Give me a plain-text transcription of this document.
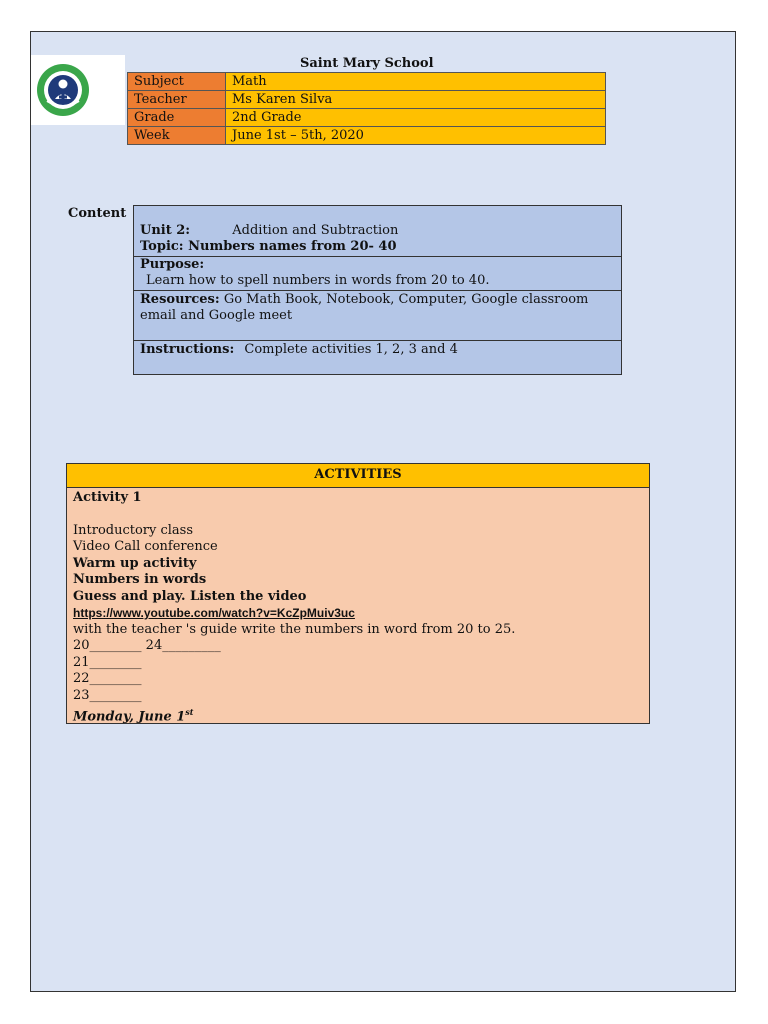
Saint Mary School
Subject	Math
Teacher	Ms Karen Silva
Grade	2nd Grade
Week	June 1st – 5th, 2020
Content
Unit 2:	Addition and Subtraction
Topic: Numbers names from 20- 40
Purpose:
Learn how to spell numbers in words from 20 to 40.
Resources: Go Math Book, Notebook, Computer, Google classroom
email and Google meet
Instructions: Complete activities 1, 2, 3 and 4
ACTIVITIES
Activity 1
Introductory class
Video Call conference
Warm up activity
Numbers in words
Guess and play. Listen the video
https://www.youtube.com/watch?v=KcZpMuiv3uc
with the teacher 's guide write the numbers in word from 20 to 25.
20________ 24_________
21________
22________
23________
Monday, June 1st
